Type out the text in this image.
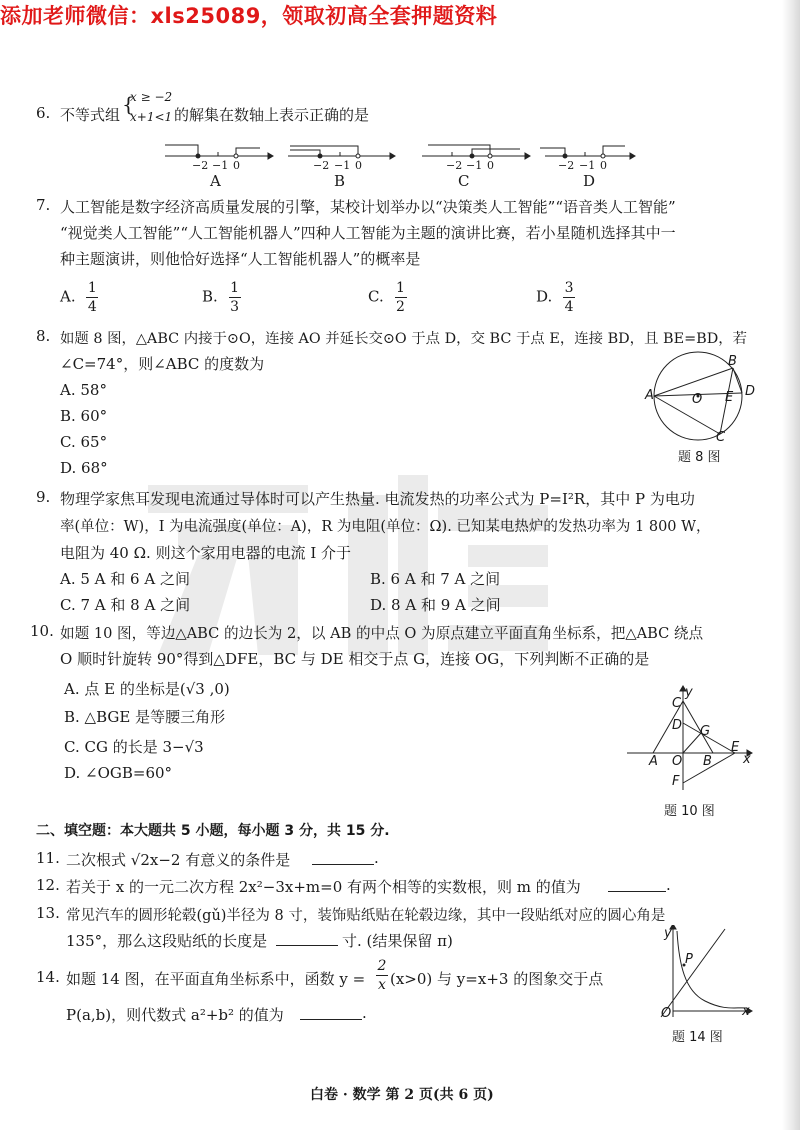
添加老师微信：xls25089，领取初高全套押题资料
6. 不等式组 {
x ≥ −2
x+1<1 的解集在数轴上表示正确的是
−2 −1 0	−2 −1 0	−2 −1 0	−2 −1 0
A	B	C	D
7. 人工智能是数字经济高质量发展的引擎，某校计划举办以“决策类人工智能”“语音类人工智能”
“视觉类人工智能”“人工智能机器人”四种人工智能为主题的演讲比赛，若小星随机选择其中一
种主题演讲，则他恰好选择“人工智能机器人”的概率是
A. $\frac{1}{4}$	B. $\frac{1}{3}$	C. $\frac{1}{2}$	D. $\frac{3}{4}$
8. 如题 8 图，△ABC 内接于⊙O，连接 AO 并延长交⊙O 于点 D，交 BC 于点 E，连接 BD，且 BE=BD，若
∠C=74°，则∠ABC 的度数为
A. 58°
B. 60°
C. 65°
D. 68°
A
B
C
D
E
O
题 8 图
9. 物理学家焦耳发现电流通过导体时可以产生热量. 电流发热的功率公式为 P=I²R，其中 P 为电功
率(单位：W)，I 为电流强度(单位：A)，R 为电阻(单位：Ω). 已知某电热炉的发热功率为 1 800 W，
电阻为 40 Ω. 则这个家用电器的电流 I 介于
A. 5 A 和 6 A 之间	B. 6 A 和 7 A 之间
C. 7 A 和 8 A 之间	D. 8 A 和 9 A 之间
10. 如题 10 图，等边△ABC 的边长为 2，以 AB 的中点 O 为原点建立平面直角坐标系，把△ABC 绕点
O 顺时针旋转 90°得到△DFE，BC 与 DE 相交于点 G，连接 OG，下列判断不正确的是
A. 点 E 的坐标是(√3 ,0)
B. △BGE 是等腰三角形
C. CG 的长是 3−√3
D. ∠OGB=60°
y
x
C
D G
E
A O B
F
题 10 图
二、填空题：本大题共 5 小题，每小题 3 分，共 15 分.
11. 二次根式 √2x−2 有意义的条件是	.
12. 若关于 x 的一元二次方程 2x²−3x+m=0 有两个相等的实数根，则 m 的值为	.
13. 常见汽车的圆形轮毂(gǔ)半径为 8 寸，装饰贴纸贴在轮毂边缘，其中一段贴纸对应的圆心角是
135°，那么这段贴纸的长度是	寸. (结果保留 π)
14. 如题 14 图，在平面直角坐标系中，函数 y =
2
x (x>0) 与 y=x+3 的图象交于点
P(a,b)，则代数式 a²+b² 的值为	.
y
x
O
P
题 14 图
白卷 · 数学 第 2 页(共 6 页)
